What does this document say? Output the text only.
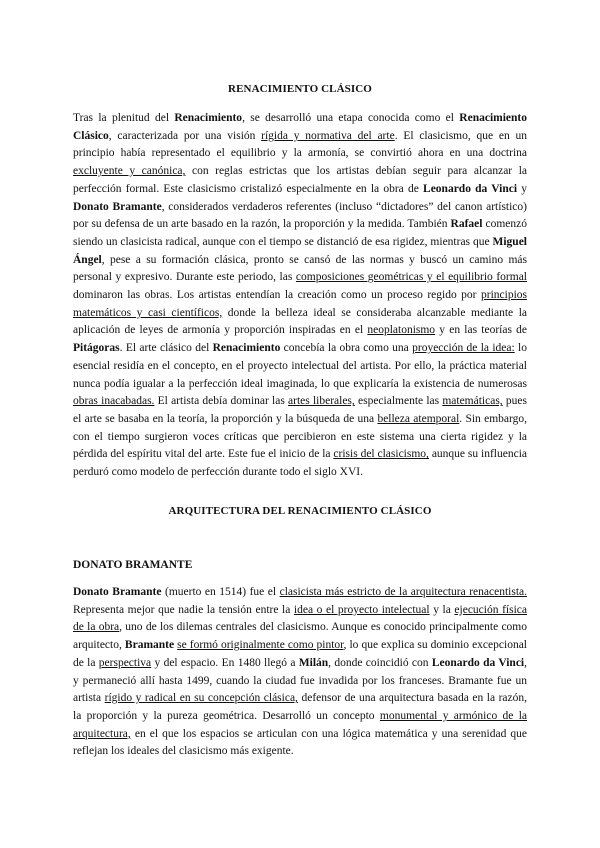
RENACIMIENTO CLÁSICO

Tras la plenitud del Renacimiento, se desarrolló una etapa conocida como el Renacimiento Clásico, caracterizada por una visión rígida y normativa del arte. El clasicismo, que en un principio había representado el equilibrio y la armonía, se convirtió ahora en una doctrina excluyente y canónica, con reglas estrictas que los artistas debían seguir para alcanzar la perfección formal. Este clasicismo cristalizó especialmente en la obra de Leonardo da Vinci y Donato Bramante, considerados verdaderos referentes (incluso “dictadores” del canon artístico) por su defensa de un arte basado en la razón, la proporción y la medida. También Rafael comenzó siendo un clasicista radical, aunque con el tiempo se distanció de esa rigidez, mientras que Miguel Ángel, pese a su formación clásica, pronto se cansó de las normas y buscó un camino más personal y expresivo. Durante este periodo, las composiciones geométricas y el equilibrio formal dominaron las obras. Los artistas entendían la creación como un proceso regido por principios matemáticos y casi científicos, donde la belleza ideal se consideraba alcanzable mediante la aplicación de leyes de armonía y proporción inspiradas en el neoplatonismo y en las teorías de Pitágoras. El arte clásico del Renacimiento concebía la obra como una proyección de la idea: lo esencial residía en el concepto, en el proyecto intelectual del artista. Por ello, la práctica material nunca podía igualar a la perfección ideal imaginada, lo que explicaría la existencia de numerosas obras inacabadas. El artista debía dominar las artes liberales, especialmente las matemáticas, pues el arte se basaba en la teoría, la proporción y la búsqueda de una belleza atemporal. Sin embargo, con el tiempo surgieron voces críticas que percibieron en este sistema una cierta rigidez y la pérdida del espíritu vital del arte. Este fue el inicio de la crisis del clasicismo, aunque su influencia perduró como modelo de perfección durante todo el siglo XVI.

ARQUITECTURA DEL RENACIMIENTO CLÁSICO
DONATO BRAMANTE

Donato Bramante (muerto en 1514) fue el clasicista más estricto de la arquitectura renacentista. Representa mejor que nadie la tensión entre la idea o el proyecto intelectual y la ejecución física de la obra, uno de los dilemas centrales del clasicismo. Aunque es conocido principalmente como arquitecto, Bramante se formó originalmente como pintor, lo que explica su dominio excepcional de la perspectiva y del espacio. En 1480 llegó a Milán, donde coincidió con Leonardo da Vinci, y permaneció allí hasta 1499, cuando la ciudad fue invadida por los franceses. Bramante fue un artista rígido y radical en su concepción clásica, defensor de una arquitectura basada en la razón, la proporción y la pureza geométrica. Desarrolló un concepto monumental y armónico de la arquitectura, en el que los espacios se articulan con una lógica matemática y una serenidad que reflejan los ideales del clasicismo más exigente.
